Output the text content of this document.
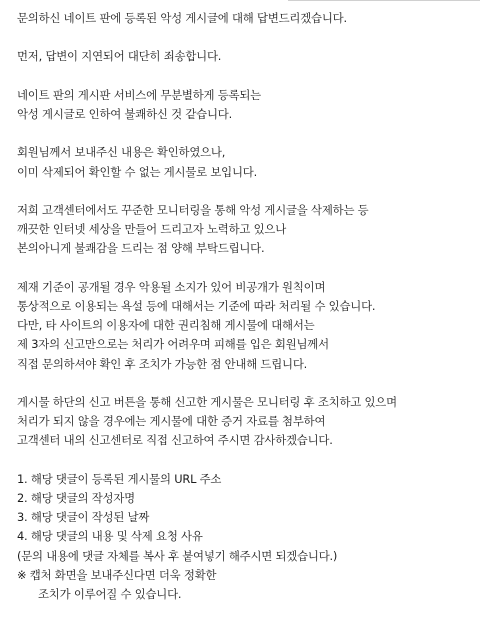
문의하신 네이트 판에 등록된 악성 게시글에 대해 답변드리겠습니다.
먼저, 답변이 지연되어 대단히 죄송합니다.
네이트 판의 게시판 서비스에 무분별하게 등록되는
악성 게시글로 인하여 불쾌하신 것 같습니다.
회원님께서 보내주신 내용은 확인하였으나,
이미 삭제되어 확인할 수 없는 게시물로 보입니다.
저희 고객센터에서도 꾸준한 모니터링을 통해 악성 게시글을 삭제하는 등
깨끗한 인터넷 세상을 만들어 드리고자 노력하고 있으나
본의아니게 불쾌감을 드리는 점 양해 부탁드립니다.
제재 기준이 공개될 경우 악용될 소지가 있어 비공개가 원칙이며
통상적으로 이용되는 욕설 등에 대해서는 기준에 따라 처리될 수 있습니다.
다만, 타 사이트의 이용자에 대한 권리침해 게시물에 대해서는
제 3자의 신고만으로는 처리가 어려우며 피해를 입은 회원님께서
직접 문의하셔야 확인 후 조치가 가능한 점 안내해 드립니다.
게시물 하단의 신고 버튼을 통해 신고한 게시물은 모니터링 후 조치하고 있으며
처리가 되지 않을 경우에는 게시물에 대한 증거 자료를 첨부하여
고객센터 내의 신고센터로 직접 신고하여 주시면 감사하겠습니다.
1. 해당 댓글이 등록된 게시물의 URL 주소
2. 해당 댓글의 작성자명
3. 해당 댓글이 작성된 날짜
4. 해당 댓글의 내용 및 삭제 요청 사유
(문의 내용에 댓글 자체를 복사 후 붙여넣기 해주시면 되겠습니다.)
※ 캡처 화면을 보내주신다면 더욱 정확한
조치가 이루어질 수 있습니다.
